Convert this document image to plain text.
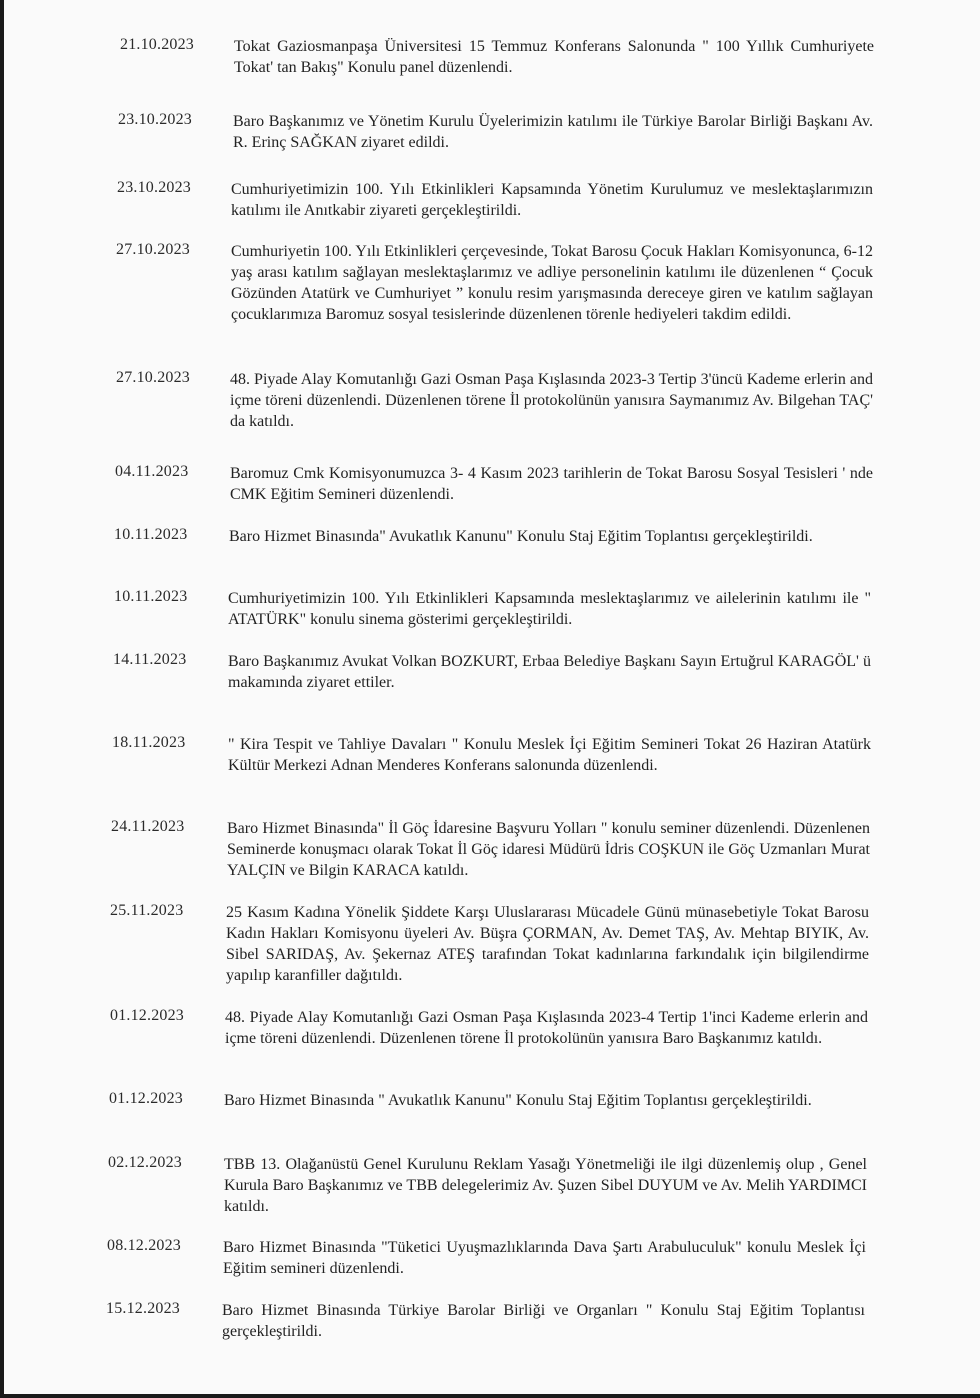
21.10.2023	Tokat Gaziosmanpaşa Üniversitesi 15 Temmuz Konferans Salonunda " 100 Yıllık Cumhuriyete Tokat' tan Bakış" Konulu panel düzenlendi.
23.10.2023	Baro Başkanımız ve Yönetim Kurulu Üyelerimizin katılımı ile Türkiye Barolar Birliği Başkanı Av. R. Erinç SAĞKAN ziyaret edildi.
23.10.2023	Cumhuriyetimizin 100. Yılı Etkinlikleri Kapsamında Yönetim Kurulumuz ve meslektaşlarımızın katılımı ile Anıtkabir ziyareti gerçekleştirildi.
27.10.2023	Cumhuriyetin 100. Yılı Etkinlikleri çerçevesinde, Tokat Barosu Çocuk Hakları Komisyonunca, 6-12 yaş arası katılım sağlayan meslektaşlarımız ve adliye personelinin katılımı ile düzenlenen “ Çocuk Gözünden Atatürk ve Cumhuriyet ” konulu resim yarışmasında dereceye giren ve katılım sağlayan çocuklarımıza Baromuz sosyal tesislerinde düzenlenen törenle hediyeleri takdim edildi.
27.10.2023	48. Piyade Alay Komutanlığı Gazi Osman Paşa Kışlasında 2023-3 Tertip 3'üncü Kademe erlerin and içme töreni düzenlendi. Düzenlenen törene İl protokolünün yanısıra Saymanımız Av. Bilgehan TAÇ' da katıldı.
04.11.2023	Baromuz Cmk Komisyonumuzca 3- 4 Kasım 2023 tarihlerin de Tokat Barosu Sosyal Tesisleri ' nde CMK Eğitim Semineri düzenlendi.
10.11.2023	Baro Hizmet Binasında" Avukatlık Kanunu" Konulu Staj Eğitim Toplantısı gerçekleştirildi.
10.11.2023	Cumhuriyetimizin 100. Yılı Etkinlikleri Kapsamında meslektaşlarımız ve ailelerinin katılımı ile " ATATÜRK" konulu sinema gösterimi gerçekleştirildi.
14.11.2023	Baro Başkanımız Avukat Volkan BOZKURT, Erbaa Belediye Başkanı Sayın Ertuğrul KARAGÖL' ü makamında ziyaret ettiler.
18.11.2023	" Kira Tespit ve Tahliye Davaları " Konulu Meslek İçi Eğitim Semineri Tokat 26 Haziran Atatürk Kültür Merkezi Adnan Menderes Konferans salonunda düzenlendi.
24.11.2023	Baro Hizmet Binasında" İl Göç İdaresine Başvuru Yolları " konulu seminer düzenlendi. Düzenlenen Seminerde konuşmacı olarak Tokat İl Göç idaresi Müdürü İdris COŞKUN ile Göç Uzmanları Murat YALÇIN ve Bilgin KARACA katıldı.
25.11.2023	25 Kasım Kadına Yönelik Şiddete Karşı Uluslararası Mücadele Günü münasebetiyle Tokat Barosu Kadın Hakları Komisyonu üyeleri Av. Büşra ÇORMAN, Av. Demet TAŞ, Av. Mehtap BIYIK, Av. Sibel SARIDAŞ, Av. Şekernaz ATEŞ tarafından Tokat kadınlarına farkındalık için bilgilendirme yapılıp karanfiller dağıtıldı.
01.12.2023	48. Piyade Alay Komutanlığı Gazi Osman Paşa Kışlasında 2023-4 Tertip 1'inci Kademe erlerin and içme töreni düzenlendi. Düzenlenen törene İl protokolünün yanısıra Baro Başkanımız katıldı.
01.12.2023	Baro Hizmet Binasında " Avukatlık Kanunu" Konulu Staj Eğitim Toplantısı gerçekleştirildi.
02.12.2023	TBB 13. Olağanüstü Genel Kurulunu Reklam Yasağı Yönetmeliği ile ilgi düzenlemiş olup , Genel Kurula Baro Başkanımız ve TBB delegelerimiz Av. Şuzen Sibel DUYUM ve Av. Melih YARDIMCI katıldı.
08.12.2023	Baro Hizmet Binasında "Tüketici Uyuşmazlıklarında Dava Şartı Arabuluculuk" konulu Meslek İçi Eğitim semineri düzenlendi.
15.12.2023	Baro Hizmet Binasında Türkiye Barolar Birliği ve Organları " Konulu Staj Eğitim Toplantısı gerçekleştirildi.
